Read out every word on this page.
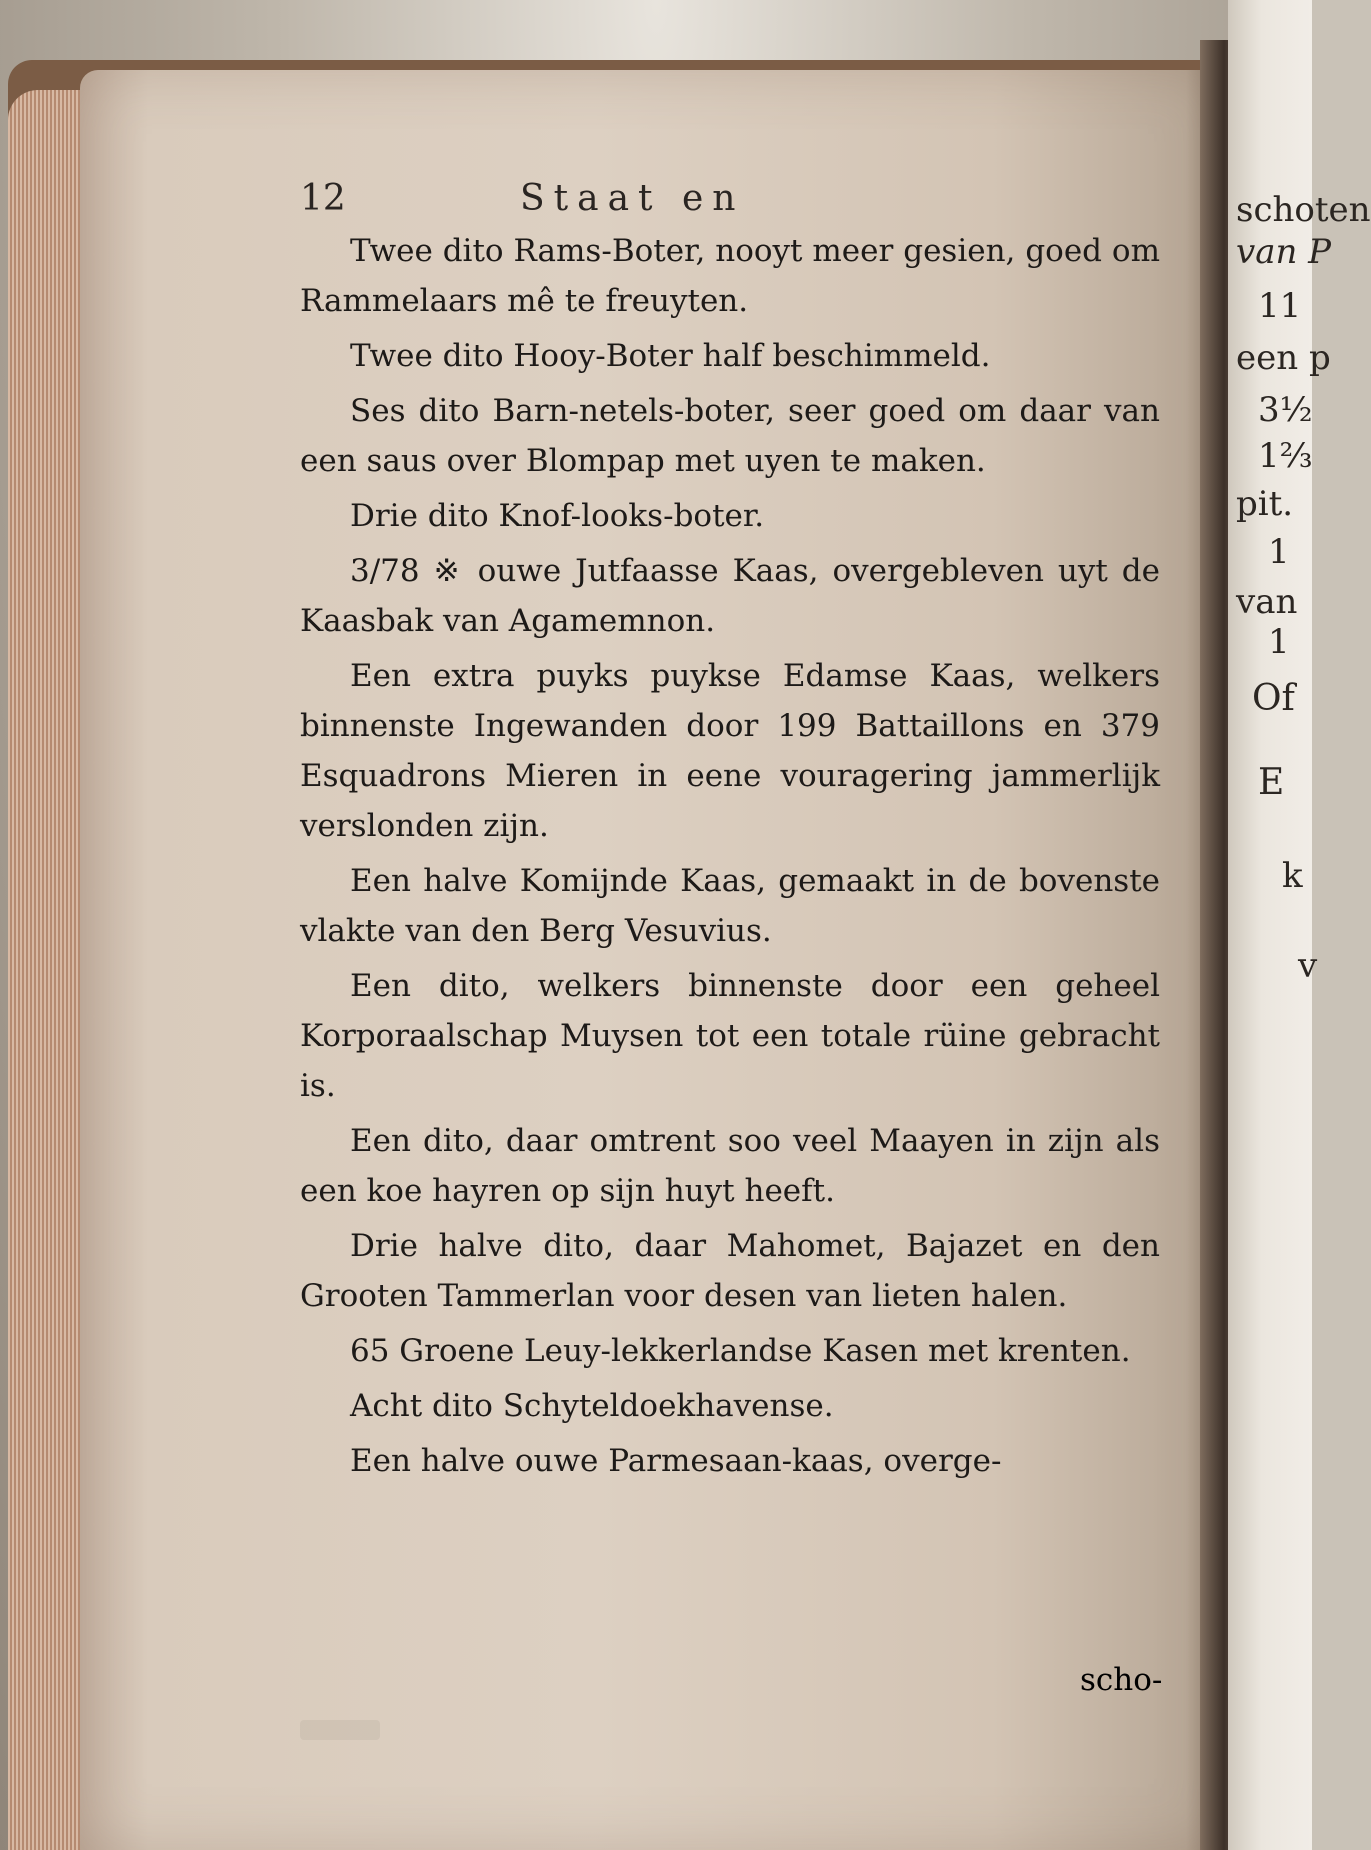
schoten
van P
11
een p
3½
1⅔
pit.
1
van
1
Of
E
k
v
12	Staat en

Twee dito Rams-Boter, nooyt meer gesien, goed om Rammelaars mê te freuyten.

Twee dito Hooy-Boter half beschimmeld.

Ses dito Barn-netels-boter, seer goed om daar van een saus over Blompap met uyen te maken.

Drie dito Knof-looks-boter.

3/78 ※ ouwe Jutfaasse Kaas, overgebleven uyt de Kaasbak van Agamemnon.

Een extra puyks puykse Edamse Kaas, welkers binnenste Ingewanden door 199 Battaillons en 379 Esquadrons Mieren in eene vouragering jammerlijk verslonden zijn.

Een halve Komijnde Kaas, gemaakt in de bovenste vlakte van den Berg Vesuvius.

Een dito, welkers binnenste door een geheel Korporaalschap Muysen tot een totale rüine gebracht is.

Een dito, daar omtrent soo veel Maayen in zijn als een koe hayren op sijn huyt heeft.

Drie halve dito, daar Mahomet, Bajazet en den Grooten Tammerlan voor desen van lieten halen.

65 Groene Leuy-lekkerlandse Kasen met krenten.

Acht dito Schyteldoekhavense.

Een halve ouwe Parmesaan-kaas, overge-

scho-
